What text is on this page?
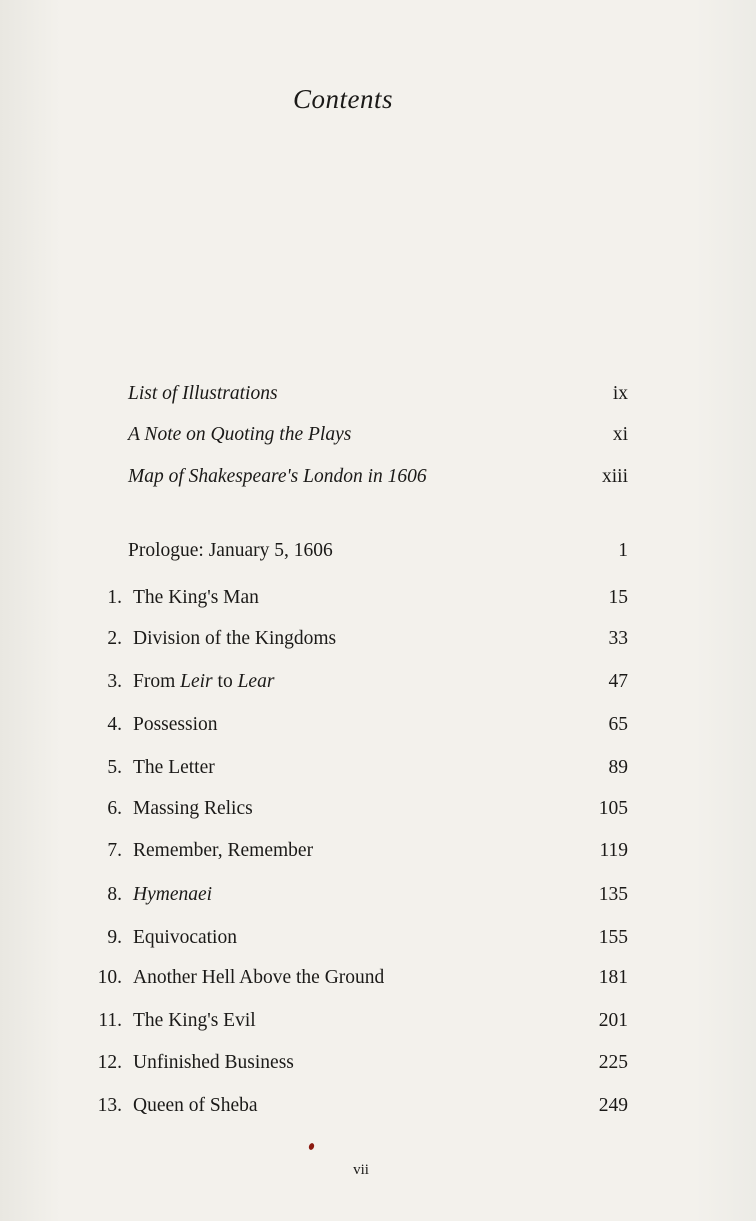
Contents
List of Illustrations	ix
A Note on Quoting the Plays	xi
Map of Shakespeare's London in 1606	xiii
Prologue: January 5, 1606	1
1. The King's Man	15
2. Division of the Kingdoms	33
3. From Leir to Lear	47
4. Possession	65
5. The Letter	89
6. Massing Relics	105
7. Remember, Remember	119
8. Hymenaei	135
9. Equivocation	155
10. Another Hell Above the Ground	181
11. The King's Evil	201
12. Unfinished Business	225
13. Queen of Sheba	249
vii
